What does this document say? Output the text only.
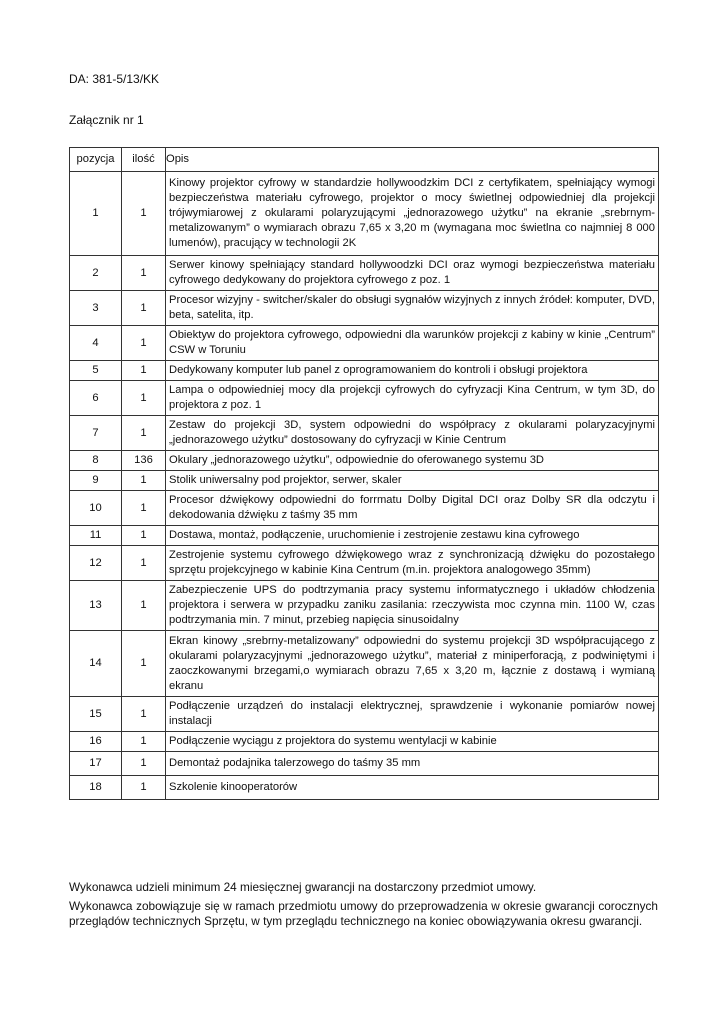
DA: 381-5/13/KK
Załącznik nr 1
pozycja	ilość	Opis
1	1	Kinowy projektor cyfrowy w standardzie hollywoodzkim DCI z certyfikatem, spełniający wymogi bezpieczeństwa materiału cyfrowego, projektor o mocy świetlnej odpowiedniej dla projekcji trójwymiarowej z okularami polaryzującymi „jednorazowego użytku” na ekranie „srebrnym-metalizowanym” o wymiarach obrazu 7,65 x 3,20 m (wymagana moc świetlna co najmniej 8 000 lumenów), pracujący w technologii 2K
2	1	Serwer kinowy spełniający standard hollywoodzki DCI oraz wymogi bezpieczeństwa materiału cyfrowego dedykowany do projektora cyfrowego z poz. 1
3	1	Procesor wizyjny - switcher/skaler do obsługi sygnałów wizyjnych z innych źródeł: komputer, DVD, beta, satelita, itp.
4	1	Obiektyw do projektora cyfrowego, odpowiedni dla warunków projekcji z kabiny w kinie „Centrum” CSW w Toruniu
5	1	Dedykowany komputer lub panel z oprogramowaniem do kontroli i obsługi projektora
6	1	Lampa o odpowiedniej mocy dla projekcji cyfrowych do cyfryzacji Kina Centrum, w tym 3D, do projektora z poz. 1
7	1	Zestaw do projekcji 3D, system odpowiedni do współpracy z okularami polaryzacyjnymi „jednorazowego użytku” dostosowany do cyfryzacji w Kinie Centrum
8	136	Okulary „jednorazowego użytku”, odpowiednie do oferowanego systemu 3D
9	1	Stolik uniwersalny pod projektor, serwer, skaler
10	1	Procesor dźwiękowy odpowiedni do forrmatu Dolby Digital DCI oraz Dolby SR dla odczytu i dekodowania dźwięku z taśmy 35 mm
11	1	Dostawa, montaż, podłączenie, uruchomienie i zestrojenie zestawu kina cyfrowego
12	1	Zestrojenie systemu cyfrowego dźwiękowego wraz z synchronizacją dźwięku do pozostałego sprzętu projekcyjnego w kabinie Kina Centrum (m.in. projektora analogowego 35mm)
13	1	Zabezpieczenie UPS do podtrzymania pracy systemu informatycznego i układów chłodzenia projektora i serwera w przypadku zaniku zasilania: rzeczywista moc czynna min. 1100 W, czas podtrzymania min. 7 minut, przebieg napięcia sinusoidalny
14	1	Ekran kinowy „srebrny-metalizowany” odpowiedni do systemu projekcji 3D współpracującego z okularami polaryzacyjnymi „jednorazowego użytku”, materiał z miniperforacją, z podwiniętymi i zaoczkowanymi brzegami,o wymiarach obrazu 7,65 x 3,20 m, łącznie z dostawą i wymianą ekranu
15	1	Podłączenie urządzeń do instalacji elektrycznej, sprawdzenie i wykonanie pomiarów nowej instalacji
16	1	Podłączenie wyciągu z projektora do systemu wentylacji w kabinie
17	1	Demontaż podajnika talerzowego do taśmy 35 mm
18	1	Szkolenie kinooperatorów

Wykonawca udzieli minimum 24 miesięcznej gwarancji na dostarczony przedmiot umowy.

Wykonawca zobowiązuje się w ramach przedmiotu umowy do przeprowadzenia w okresie gwarancji corocznych przeglądów technicznych Sprzętu, w tym przeglądu technicznego na koniec obowiązywania okresu gwarancji.
